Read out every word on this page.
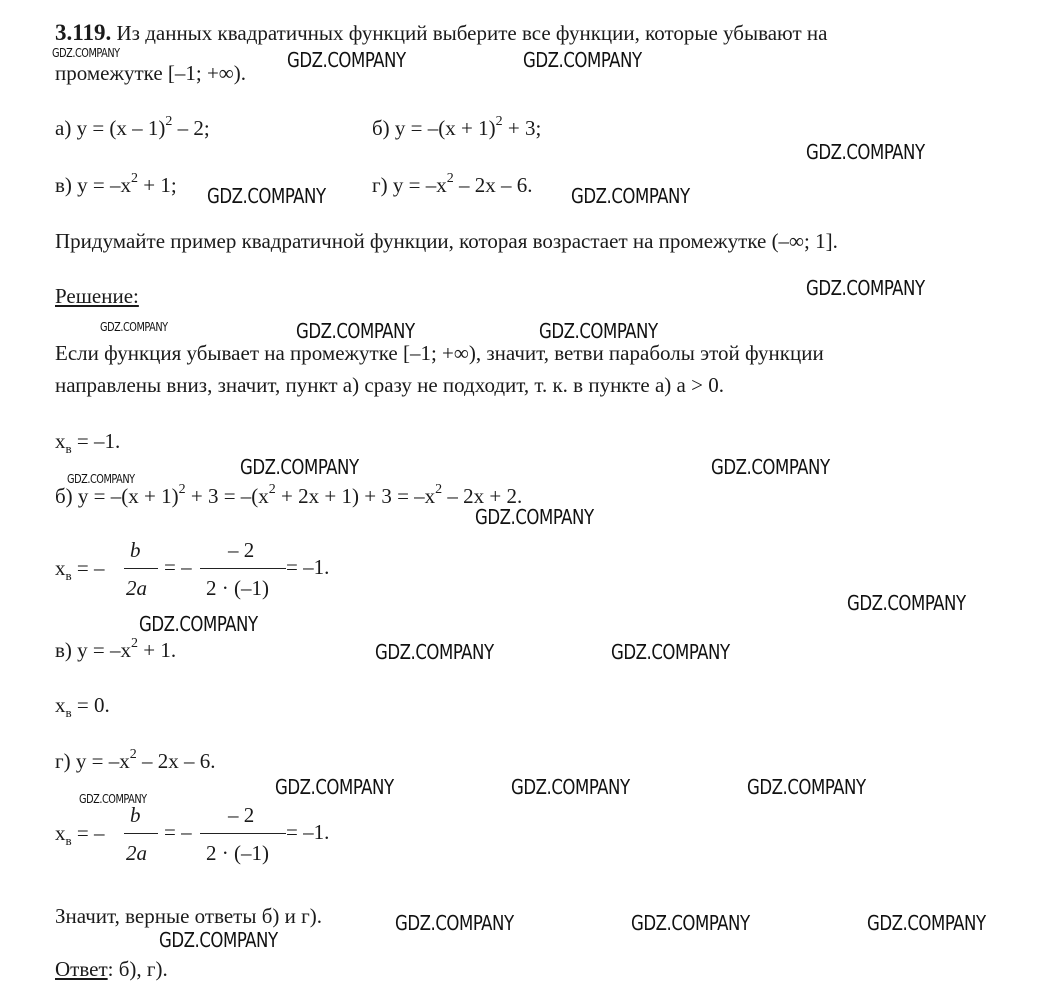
3.119. Из данных квадратичных функций выберите все функции, которые убывают на
промежутке [–1; +∞).
а) y = (x – 1)$^2$ – 2;	б) $y = -(x + 1)^2 + 3$;
в) $y = -x^2 + 1$;	г) $y = -x^2 - 2x - 6$.
Придумайте пример квадратичной функции, которая возрастает на промежутке (–∞; 1].
Решение:
Если функция убывает на промежутке [–1; +∞), значит, ветви параболы этой функции
направлены вниз, значит, пункт а) сразу не подходит, т. к. в пункте а) a > 0.
$x_в = -1$.
б) $y = -(x + 1)^2 + 3 = -(x^2 + 2x + 1) + 3 = -x^2 - 2x + 2$.
$x_в$ = –
b
2a
= –
– 2
2 · (–1)
= –1.
в) $y = -x^2 + 1$.
$x_в = 0$.
г) $y = -x^2 - 2x - 6$.
$x_в$ = –
b
2a
= –
– 2
2 · (–1)
= –1.
Значит, верные ответы б) и г).
Ответ: б), г).
GDZ.COMPANY	GDZ.COMPANY	GDZ.COMPANY
GDZ.COMPANY
GDZ.COMPANY	GDZ.COMPANY
GDZ.COMPANY
GDZ.COMPANY	GDZ.COMPANY	GDZ.COMPANY
GDZ.COMPANY	GDZ.COMPANY	GDZ.COMPANY
GDZ.COMPANY
GDZ.COMPANY
GDZ.COMPANY
GDZ.COMPANY	GDZ.COMPANY
GDZ.COMPANY	GDZ.COMPANY	GDZ.COMPANY
GDZ.COMPANY
GDZ.COMPANY	GDZ.COMPANY	GDZ.COMPANY
GDZ.COMPANY
